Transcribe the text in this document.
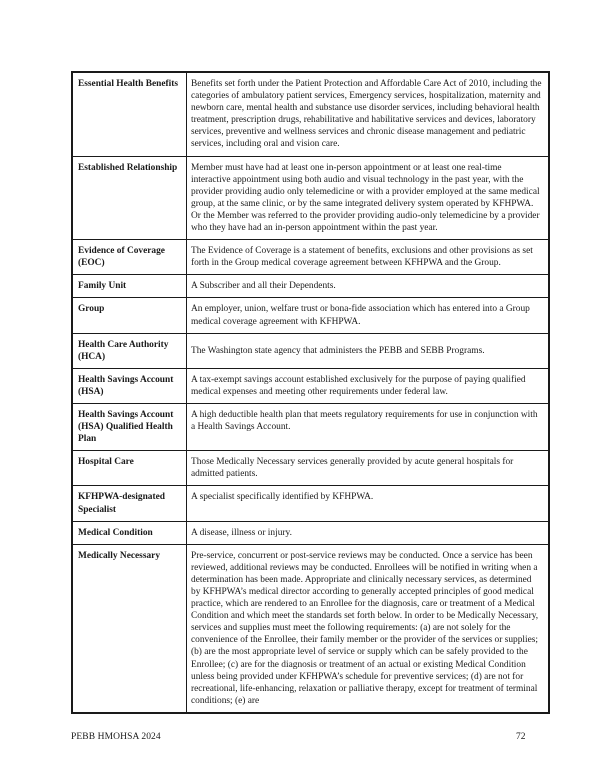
Essential Health Benefits	Benefits set forth under the Patient Protection and Affordable Care Act of 2010, including the categories of ambulatory patient services, Emergency services, hospitalization, maternity and newborn care, mental health and substance use disorder services, including behavioral health treatment, prescription drugs, rehabilitative and habilitative services and devices, laboratory services, preventive and wellness services and chronic disease management and pediatric services, including oral and vision care.
Established Relationship	Member must have had at least one in-person appointment or at least one real-time interactive appointment using both audio and visual technology in the past year, with the provider providing audio only telemedicine or with a provider employed at the same medical group, at the same clinic, or by the same integrated delivery system operated by KFHPWA. Or the Member was referred to the provider providing audio-only telemedicine by a provider who they have had an in-person appointment within the past year.
Evidence of Coverage (EOC)	The Evidence of Coverage is a statement of benefits, exclusions and other provisions as set forth in the Group medical coverage agreement between KFHPWA and the Group.
Family Unit	A Subscriber and all their Dependents.
Group	An employer, union, welfare trust or bona-fide association which has entered into a Group medical coverage agreement with KFHPWA.
Health Care Authority (HCA)	The Washington state agency that administers the PEBB and SEBB Programs.
Health Savings Account (HSA)	A tax-exempt savings account established exclusively for the purpose of paying qualified medical expenses and meeting other requirements under federal law.
Health Savings Account (HSA) Qualified Health Plan	A high deductible health plan that meets regulatory requirements for use in conjunction with a Health Savings Account.
Hospital Care	Those Medically Necessary services generally provided by acute general hospitals for admitted patients.
KFHPWA-designated Specialist	A specialist specifically identified by KFHPWA.
Medical Condition	A disease, illness or injury.
Medically Necessary	Pre-service, concurrent or post-service reviews may be conducted. Once a service has been reviewed, additional reviews may be conducted. Enrollees will be notified in writing when a determination has been made. Appropriate and clinically necessary services, as determined by KFHPWA’s medical director according to generally accepted principles of good medical practice, which are rendered to an Enrollee for the diagnosis, care or treatment of a Medical Condition and which meet the standards set forth below. In order to be Medically Necessary, services and supplies must meet the following requirements: (a) are not solely for the convenience of the Enrollee, their family member or the provider of the services or supplies; (b) are the most appropriate level of service or supply which can be safely provided to the Enrollee; (c) are for the diagnosis or treatment of an actual or existing Medical Condition unless being provided under KFHPWA’s schedule for preventive services; (d) are not for recreational, life-enhancing, relaxation or palliative therapy, except for treatment of terminal conditions; (e) are
PEBB HMOHSA 2024	72
